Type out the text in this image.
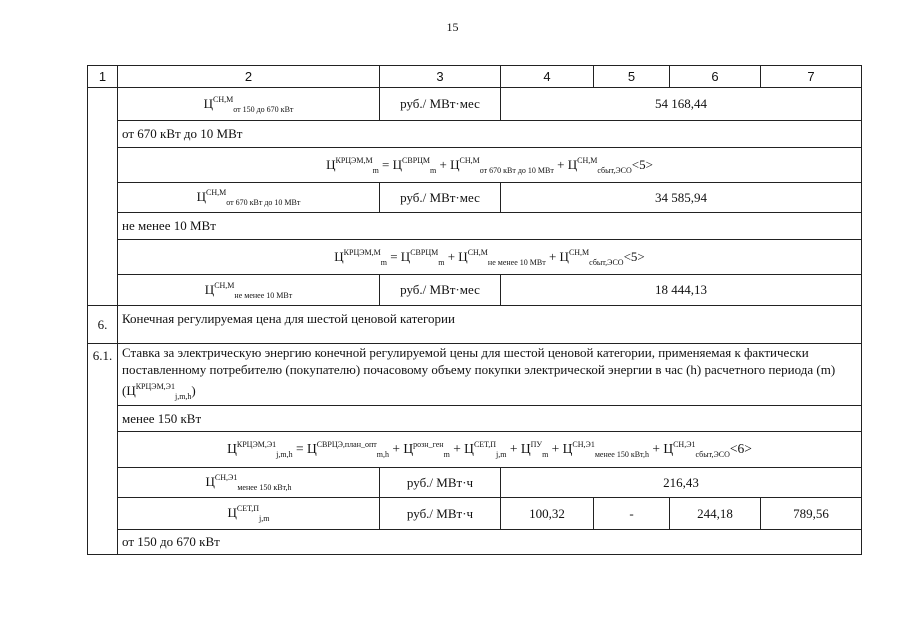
15
1	2	3	4	5	6	7
	$Ц^{СН,М}_{от 150 до 670 кВт}$	руб./ МВт·мес	54 168,44			
	от 670 кВт до 10 МВт					
	$Ц^{КРЦЭМ,М}_m = Ц^{СВРЦМ}_m + Ц^{СН,М}_{от 670 кВт до 10 МВт} + Ц^{СН,М}_{сбыт,ЭСО}<5>$					
	$Ц^{СН,М}_{от 670 кВт до 10 МВт}$	руб./ МВт·мес	34 585,94			
	не менее 10 МВт					
	$Ц^{КРЦЭМ,М}_m = Ц^{СВРЦМ}_m + Ц^{СН,М}_{не менее 10 МВт} + Ц^{СН,М}_{сбыт,ЭСО}<5>$					
	$Ц^{СН,М}_{не менее 10 МВт}$	руб./ МВт·мес	18 444,13			
6.	Конечная регулируемая цена для шестой ценовой категории					
6.1.	Ставка за электрическую энергию конечной регулируемой цены для шестой ценовой категории, применяемая к фактически поставленному потребителю (покупателю) почасовому объему покупки электрической энергии в час (h) расчетного периода (m) $(Ц^{КРЦЭМ,Э1}_{j,m,h})$					
	менее 150 кВт					
	$Ц^{КРЦЭМ,Э1}_{j,m,h} = Ц^{СВРЦЭ,план\_опт}_{m,h} + Ц^{розн\_ген}_m + Ц^{СЕТ,П}_{j,m} + Ц^{ПУ}_m + Ц^{СН,Э1}_{менее 150 кВт,h} + Ц^{СН,Э1}_{сбыт,ЭСО}<6>$					
	$Ц^{СН,Э1}_{менее 150 кВт,h}$	руб./ МВт·ч	216,43			
	$Ц^{СЕТ,П}_{j,m}$	руб./ МВт·ч	100,32	-	244,18	789,56
	от 150 до 670 кВт					
